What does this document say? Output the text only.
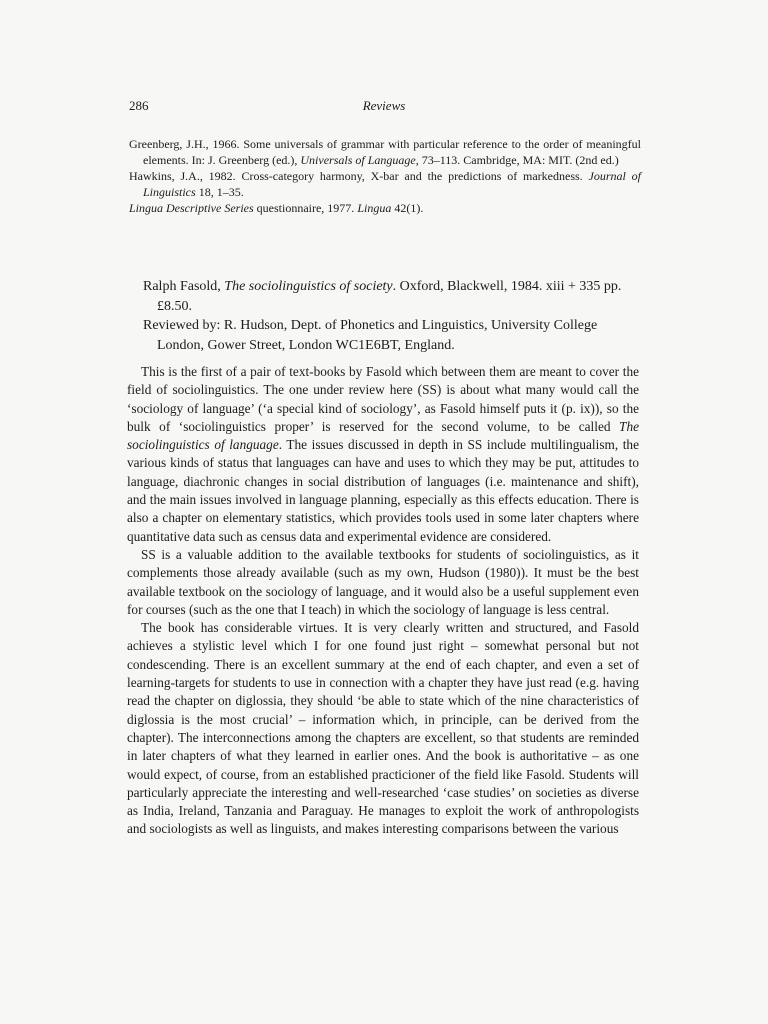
286	Reviews

Greenberg, J.H., 1966. Some universals of grammar with particular reference to the order of meaningful elements. In: J. Greenberg (ed.), Universals of Language, 73–113. Cambridge, MA: MIT. (2nd ed.)

Hawkins, J.A., 1982. Cross-category harmony, X-bar and the predictions of markedness. Journal of Linguistics 18, 1–35.

Lingua Descriptive Series questionnaire, 1977. Lingua 42(1).

Ralph Fasold, The sociolinguistics of society. Oxford, Blackwell, 1984. xiii + 335 pp. £8.50.

Reviewed by: R. Hudson, Dept. of Phonetics and Linguistics, University College London, Gower Street, London WC1E6BT, England.

This is the first of a pair of text-books by Fasold which between them are meant to cover the field of sociolinguistics. The one under review here (SS) is about what many would call the ‘sociology of language’ (‘a special kind of sociology’, as Fasold himself puts it (p. ix)), so the bulk of ‘sociolinguistics proper’ is reserved for the second volume, to be called The sociolinguistics of language. The issues discussed in depth in SS include multilingualism, the various kinds of status that languages can have and uses to which they may be put, attitudes to language, diachronic changes in social distribution of languages (i.e. maintenance and shift), and the main issues involved in language planning, especially as this effects education. There is also a chapter on elementary statistics, which provides tools used in some later chapters where quantitative data such as census data and experimental evidence are considered.

SS is a valuable addition to the available textbooks for students of sociolinguistics, as it complements those already available (such as my own, Hudson (1980)). It must be the best available textbook on the sociology of language, and it would also be a useful supplement even for courses (such as the one that I teach) in which the sociology of language is less central.

The book has considerable virtues. It is very clearly written and structured, and Fasold achieves a stylistic level which I for one found just right – somewhat personal but not condescending. There is an excellent summary at the end of each chapter, and even a set of learning-targets for students to use in connection with a chapter they have just read (e.g. having read the chapter on diglossia, they should ‘be able to state which of the nine characteristics of diglossia is the most crucial’ – information which, in principle, can be derived from the chapter). The interconnections among the chapters are excellent, so that students are reminded in later chapters of what they learned in earlier ones. And the book is authoritative – as one would expect, of course, from an established practicioner of the field like Fasold. Students will particularly appreciate the interesting and well-researched ‘case studies’ on societies as diverse as India, Ireland, Tanzania and Paraguay. He manages to exploit the work of anthropologists and sociologists as well as linguists, and makes interesting comparisons between the various
